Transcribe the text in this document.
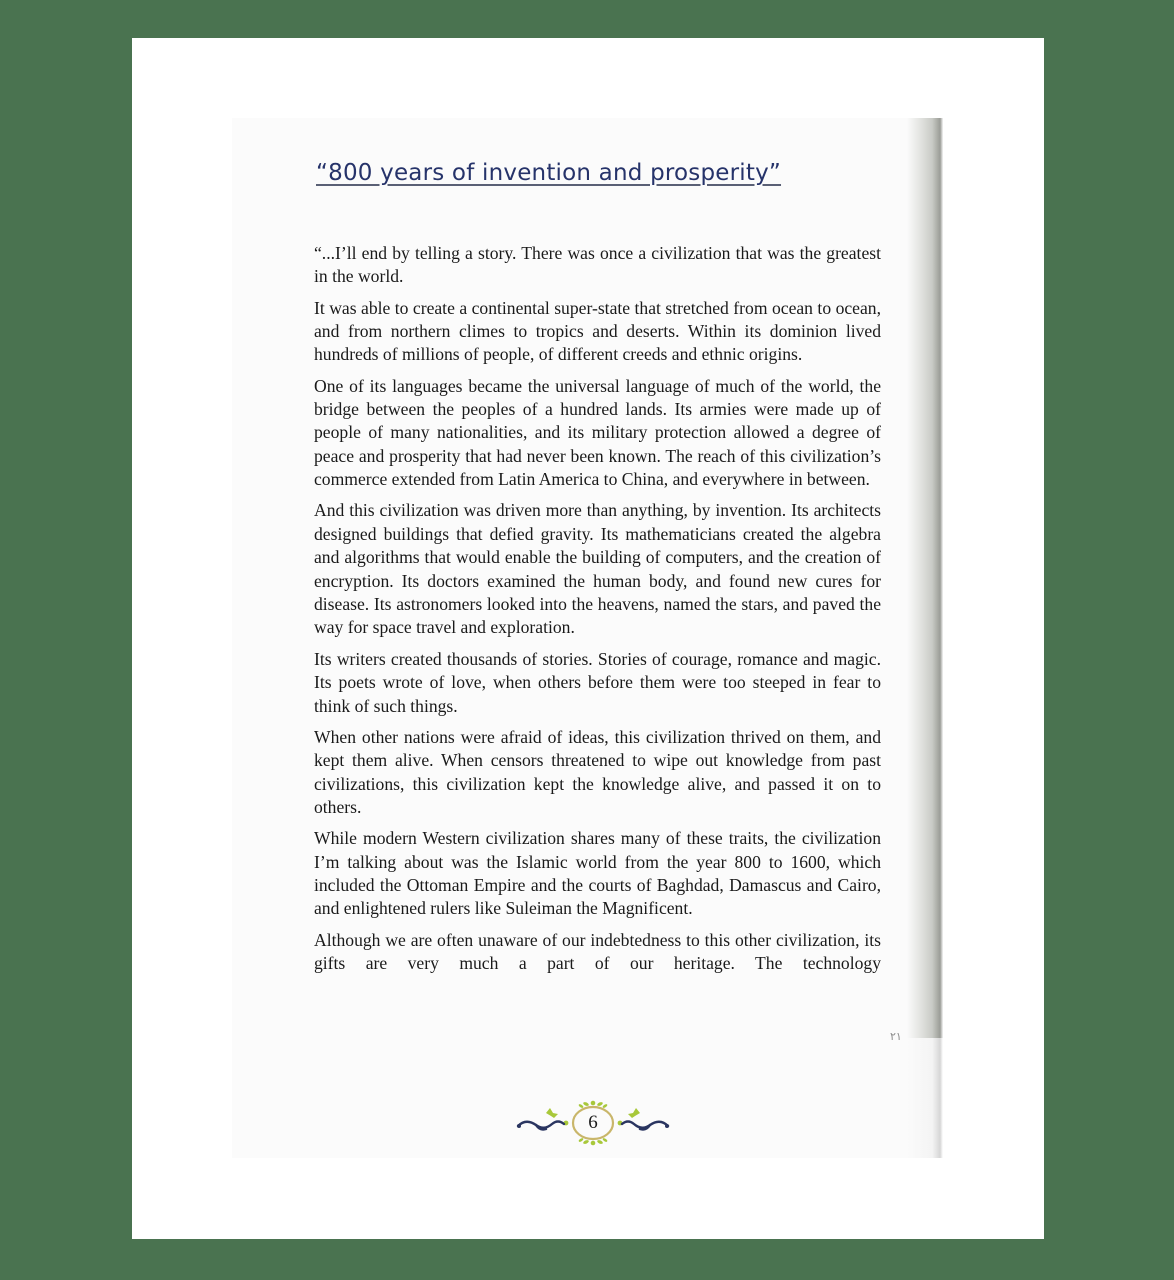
“800 years of invention and prosperity”

“...I’ll end by telling a story. There was once a civilization that was the greatest in the world.

It was able to create a continental super-state that stretched from ocean to ocean, and from northern climes to tropics and deserts. Within its dominion lived hundreds of millions of people, of different creeds and ethnic origins.

One of its languages became the universal language of much of the world, the bridge between the peoples of a hundred lands. Its armies were made up of people of many nationalities, and its military protection allowed a degree of peace and prosperity that had never been known. The reach of this civilization’s commerce extended from Latin America to China, and everywhere in between.

And this civilization was driven more than anything, by invention. Its architects designed buildings that defied gravity. Its mathematicians created the algebra and algorithms that would enable the building of computers, and the creation of encryption. Its doctors examined the human body, and found new cures for disease. Its astronomers looked into the heavens, named the stars, and paved the way for space travel and exploration.

Its writers created thousands of stories. Stories of courage, romance and magic. Its poets wrote of love, when others before them were too steeped in fear to think of such things.

When other nations were afraid of ideas, this civilization thrived on them, and kept them alive. When censors threatened to wipe out knowledge from past civilizations, this civilization kept the knowledge alive, and passed it on to others.

While modern Western civilization shares many of these traits, the civilization I’m talking about was the Islamic world from the year 800 to 1600, which included the Ottoman Empire and the courts of Baghdad, Damascus and Cairo, and enlightened rulers like Suleiman the Magnificent.

Although we are often unaware of our indebtedness to this other civilization, its gifts are very much a part of our heritage. The technology

٢١
6
